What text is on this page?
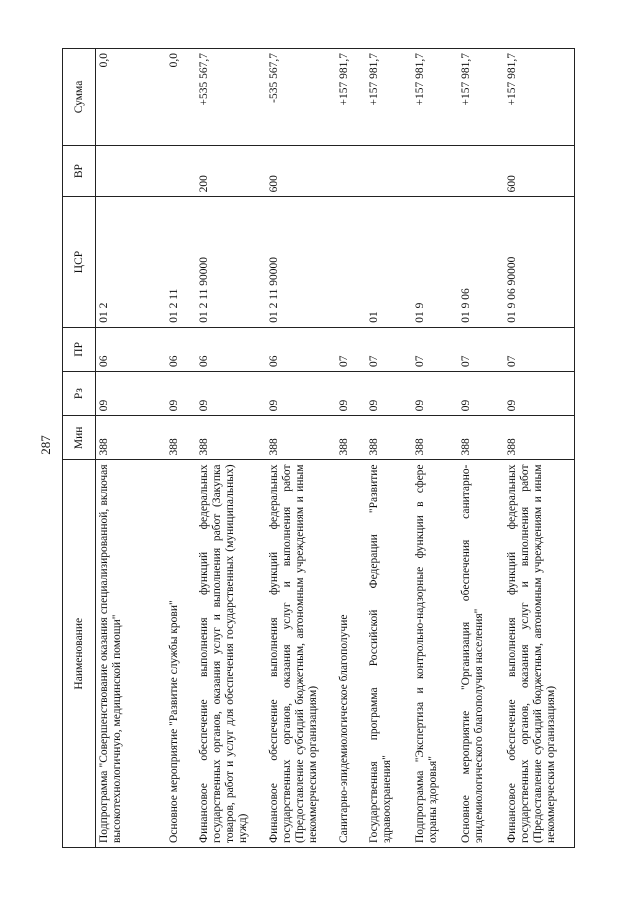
287
Наименование	Мин	Рз	ПР	ЦСР	ВР	Сумма
Подпрограмма "Совершенствование оказания специализированной, включая высокотехнологичную, медицинской помощи"	388	09	06	01 2		0,0
Основное мероприятие "Развитие службы крови"	388	09	06	01 2 11		0,0
Финансовое обеспечение выполнения функций федеральных государственных органов, оказания услуг и выполнения работ (Закупка товаров, работ и услуг для обеспечения государственных (муниципальных) нужд)	388	09	06	01 2 11 90000	200	+535 567,7
Финансовое обеспечение выполнения функций федеральных государственных органов, оказания услуг и выполнения работ (Предоставление субсидий бюджетным, автономным учреждениям и иным некоммерческим организациям)	388	09	06	01 2 11 90000	600	-535 567,7
Санитарно-эпидемиологическое благополучие	388	09	07			+157 981,7
Государственная программа Российской Федерации "Развитие здравоохранения"	388	09	07	01		+157 981,7
Подпрограмма "Экспертиза и контрольно-надзорные функции в сфере охраны здоровья"	388	09	07	01 9		+157 981,7
Основное мероприятие "Организация обеспечения санитарно-эпидемиологического благополучия населения"	388	09	07	01 9 06		+157 981,7
Финансовое обеспечение выполнения функций федеральных государственных органов, оказания услуг и выполнения работ (Предоставление субсидий бюджетным, автономным учреждениям и иным некоммерческим организациям)	388	09	07	01 9 06 90000	600	+157 981,7
